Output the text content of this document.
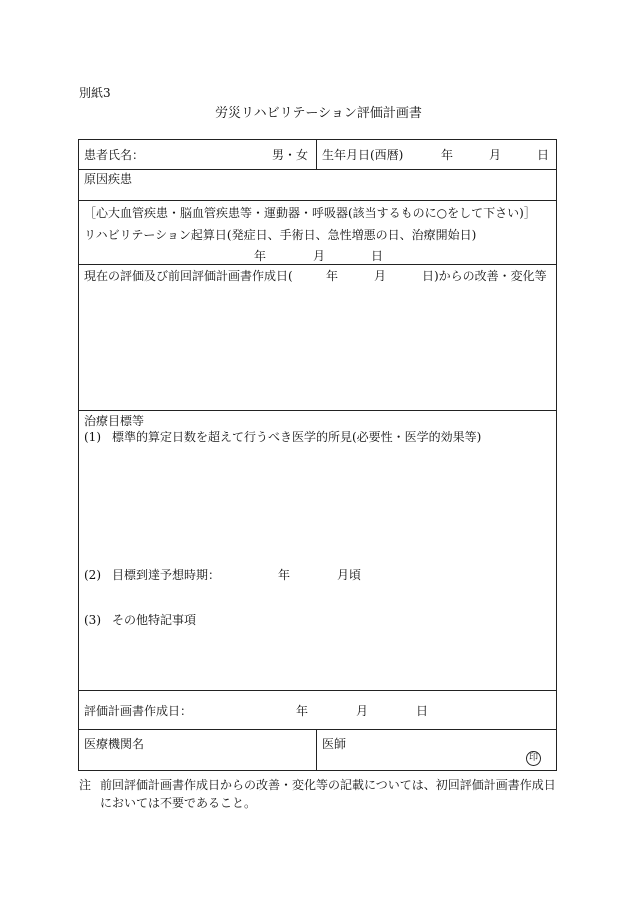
別紙3
労災リハビリテーション評価計画書
患者氏名：	男・女 生年月日(西暦)	年	月	日
原因疾患
［心大血管疾患・脳血管疾患等・運動器・呼吸器(該当するものに○をして下さい)］
リハビリテーション起算日(発症日、手術日、急性増悪の日、治療開始日)
年	月	日
現在の評価及び前回評価計画書作成日(	年	月	日)からの改善・変化等
治療目標等
(1) 標準的算定日数を超えて行うべき医学的所見(必要性・医学的効果等)
(2) 目標到達予想時期：	年	月頃
(3) その他特記事項
評価計画書作成日：	年	月	日
医療機関名	医師
印
注 前回評価計画書作成日からの改善・変化等の記載については、初回評価計画書作成日
においては不要であること。
